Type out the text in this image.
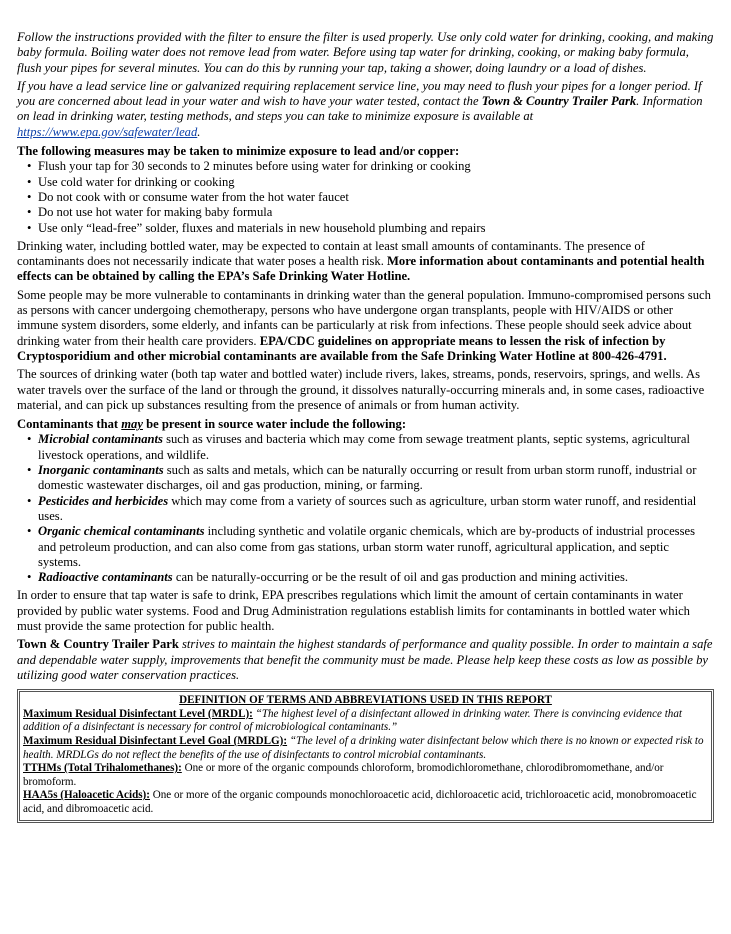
Follow the instructions provided with the filter to ensure the filter is used properly. Use only cold water for drinking, cooking, and making baby formula. Boiling water does not remove lead from water. Before using tap water for drinking, cooking, or making baby formula, flush your pipes for several minutes. You can do this by running your tap, taking a shower, doing laundry or a load of dishes.

If you have a lead service line or galvanized requiring replacement service line, you may need to flush your pipes for a longer period. If you are concerned about lead in your water and wish to have your water tested, contact the Town & Country Trailer Park. Information on lead in drinking water, testing methods, and steps you can take to minimize exposure is available at https://www.epa.gov/safewater/lead.

The following measures may be taken to minimize exposure to lead and/or copper:
• Flush your tap for 30 seconds to 2 minutes before using water for drinking or cooking
• Use cold water for drinking or cooking
• Do not cook with or consume water from the hot water faucet
• Do not use hot water for making baby formula
• Use only “lead-free” solder, fluxes and materials in new household plumbing and repairs

Drinking water, including bottled water, may be expected to contain at least small amounts of contaminants. The presence of contaminants does not necessarily indicate that water poses a health risk. More information about contaminants and potential health effects can be obtained by calling the EPA’s Safe Drinking Water Hotline.

Some people may be more vulnerable to contaminants in drinking water than the general population. Immuno-compromised persons such as persons with cancer undergoing chemotherapy, persons who have undergone organ transplants, people with HIV/AIDS or other immune system disorders, some elderly, and infants can be particularly at risk from infections. These people should seek advice about drinking water from their health care providers. EPA/CDC guidelines on appropriate means to lessen the risk of infection by Cryptosporidium and other microbial contaminants are available from the Safe Drinking Water Hotline at 800-426-4791.

The sources of drinking water (both tap water and bottled water) include rivers, lakes, streams, ponds, reservoirs, springs, and wells. As water travels over the surface of the land or through the ground, it dissolves naturally-occurring minerals and, in some cases, radioactive material, and can pick up substances resulting from the presence of animals or from human activity.

Contaminants that may be present in source water include the following:
• Microbial contaminants such as viruses and bacteria which may come from sewage treatment plants, septic systems, agricultural livestock operations, and wildlife.
• Inorganic contaminants such as salts and metals, which can be naturally occurring or result from urban storm runoff, industrial or domestic wastewater discharges, oil and gas production, mining, or farming.
• Pesticides and herbicides which may come from a variety of sources such as agriculture, urban storm water runoff, and residential uses.
• Organic chemical contaminants including synthetic and volatile organic chemicals, which are by-products of industrial processes and petroleum production, and can also come from gas stations, urban storm water runoff, agricultural application, and septic systems.
• Radioactive contaminants can be naturally-occurring or be the result of oil and gas production and mining activities.

In order to ensure that tap water is safe to drink, EPA prescribes regulations which limit the amount of certain contaminants in water provided by public water systems. Food and Drug Administration regulations establish limits for contaminants in bottled water which must provide the same protection for public health.

Town & Country Trailer Park strives to maintain the highest standards of performance and quality possible. In order to maintain a safe and dependable water supply, improvements that benefit the community must be made. Please help keep these costs as low as possible by utilizing good water conservation practices.

DEFINITION OF TERMS AND ABBREVIATIONS USED IN THIS REPORT
Maximum Residual Disinfectant Level (MRDL): “The highest level of a disinfectant allowed in drinking water. There is convincing evidence that addition of a disinfectant is necessary for control of microbiological contaminants.”
Maximum Residual Disinfectant Level Goal (MRDLG): “The level of a drinking water disinfectant below which there is no known or expected risk to health. MRDLGs do not reflect the benefits of the use of disinfectants to control microbial contaminants.
TTHMs (Total Trihalomethanes): One or more of the organic compounds chloroform, bromodichloromethane, chlorodibromomethane, and/or bromoform.
HAA5s (Haloacetic Acids): One or more of the organic compounds monochloroacetic acid, dichloroacetic acid, trichloroacetic acid, monobromoacetic acid, and dibromoacetic acid.
